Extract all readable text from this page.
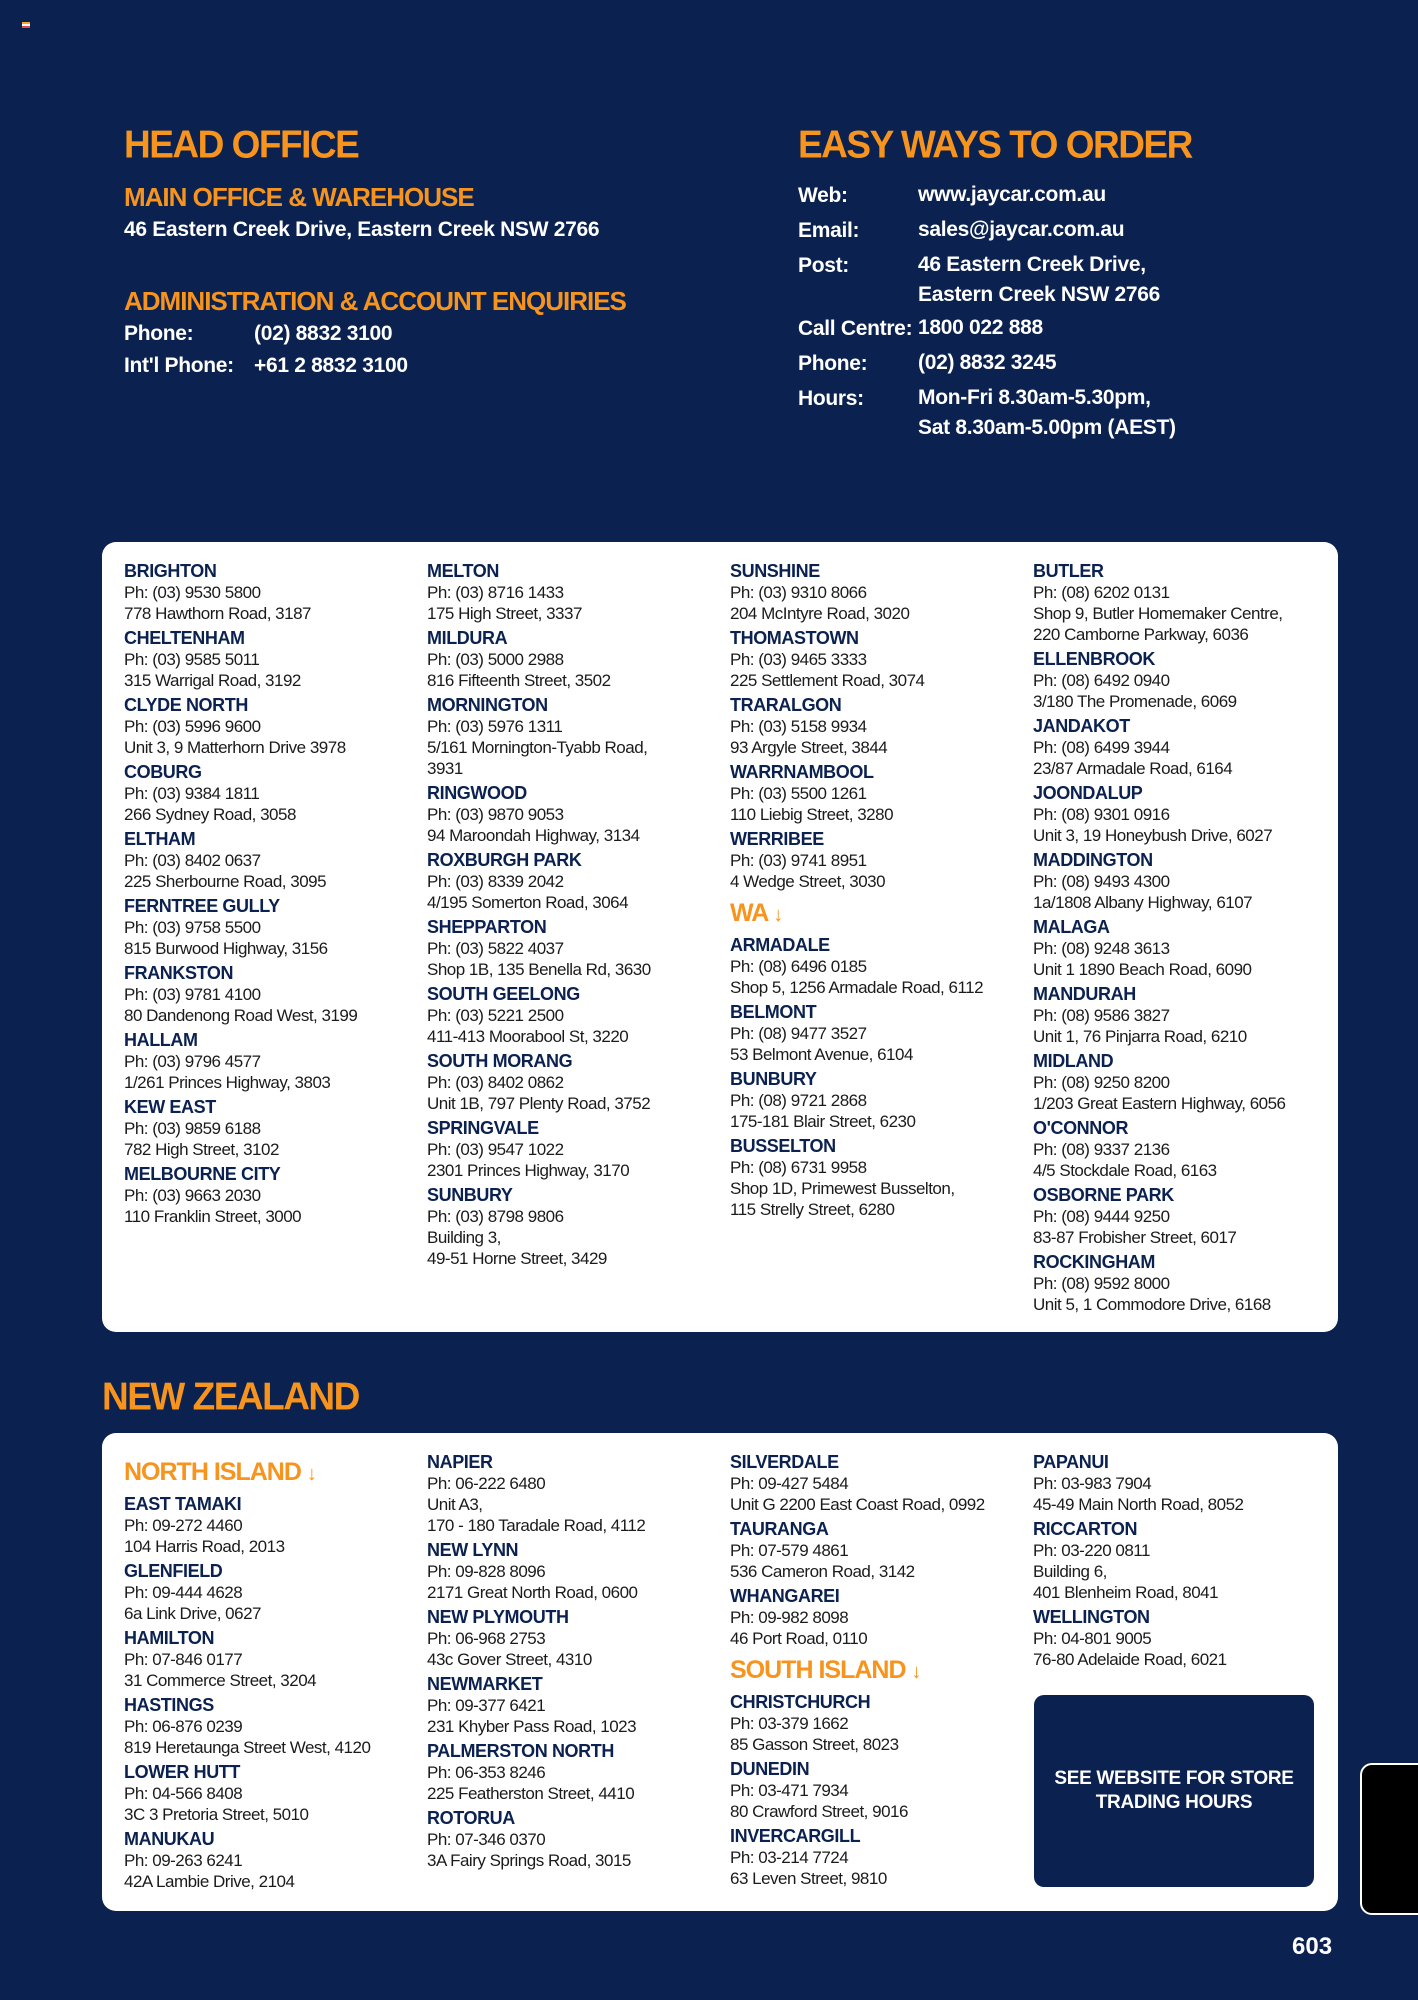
HEAD OFFICE
MAIN OFFICE & WAREHOUSE
46 Eastern Creek Drive, Eastern Creek NSW 2766
ADMINISTRATION & ACCOUNT ENQUIRIES
Phone:	(02) 8832 3100
Int'l Phone: +61 2 8832 3100
EASY WAYS TO ORDER
Web:	www.jaycar.com.au
Email:	sales@jaycar.com.au
Post:	46 Eastern Creek Drive,
Eastern Creek NSW 2766
Call Centre: 1800 022 888
Phone:	(02) 8832 3245
Hours:	Mon-Fri 8.30am-5.30pm,
Sat 8.30am-5.00pm (AEST)
BRIGHTON
Ph: (03) 9530 5800
778 Hawthorn Road, 3187
CHELTENHAM
Ph: (03) 9585 5011
315 Warrigal Road, 3192
CLYDE NORTH
Ph: (03) 5996 9600
Unit 3, 9 Matterhorn Drive 3978
COBURG
Ph: (03) 9384 1811
266 Sydney Road, 3058
ELTHAM
Ph: (03) 8402 0637
225 Sherbourne Road, 3095
FERNTREE GULLY
Ph: (03) 9758 5500
815 Burwood Highway, 3156
FRANKSTON
Ph: (03) 9781 4100
80 Dandenong Road West, 3199
HALLAM
Ph: (03) 9796 4577
1/261 Princes Highway, 3803
KEW EAST
Ph: (03) 9859 6188
782 High Street, 3102
MELBOURNE CITY
Ph: (03) 9663 2030
110 Franklin Street, 3000
MELTON
Ph: (03) 8716 1433
175 High Street, 3337
MILDURA
Ph: (03) 5000 2988
816 Fifteenth Street, 3502
MORNINGTON
Ph: (03) 5976 1311
5/161 Mornington-Tyabb Road,
3931
RINGWOOD
Ph: (03) 9870 9053
94 Maroondah Highway, 3134
ROXBURGH PARK
Ph: (03) 8339 2042
4/195 Somerton Road, 3064
SHEPPARTON
Ph: (03) 5822 4037
Shop 1B, 135 Benella Rd, 3630
SOUTH GEELONG
Ph: (03) 5221 2500
411-413 Moorabool St, 3220
SOUTH MORANG
Ph: (03) 8402 0862
Unit 1B, 797 Plenty Road, 3752
SPRINGVALE
Ph: (03) 9547 1022
2301 Princes Highway, 3170
SUNBURY
Ph: (03) 8798 9806
Building 3,
49-51 Horne Street, 3429
SUNSHINE
Ph: (03) 9310 8066
204 McIntyre Road, 3020
THOMASTOWN
Ph: (03) 9465 3333
225 Settlement Road, 3074
TRARALGON
Ph: (03) 5158 9934
93 Argyle Street, 3844
WARRNAMBOOL
Ph: (03) 5500 1261
110 Liebig Street, 3280
WERRIBEE
Ph: (03) 9741 8951
4 Wedge Street, 3030
WA ↓
ARMADALE
Ph: (08) 6496 0185
Shop 5, 1256 Armadale Road, 6112
BELMONT
Ph: (08) 9477 3527
53 Belmont Avenue, 6104
BUNBURY
Ph: (08) 9721 2868
175-181 Blair Street, 6230
BUSSELTON
Ph: (08) 6731 9958
Shop 1D, Primewest Busselton,
115 Strelly Street, 6280
BUTLER
Ph: (08) 6202 0131
Shop 9, Butler Homemaker Centre,
220 Camborne Parkway, 6036
ELLENBROOK
Ph: (08) 6492 0940
3/180 The Promenade, 6069
JANDAKOT
Ph: (08) 6499 3944
23/87 Armadale Road, 6164
JOONDALUP
Ph: (08) 9301 0916
Unit 3, 19 Honeybush Drive, 6027
MADDINGTON
Ph: (08) 9493 4300
1a/1808 Albany Highway, 6107
MALAGA
Ph: (08) 9248 3613
Unit 1 1890 Beach Road, 6090
MANDURAH
Ph: (08) 9586 3827
Unit 1, 76 Pinjarra Road, 6210
MIDLAND
Ph: (08) 9250 8200
1/203 Great Eastern Highway, 6056
O'CONNOR
Ph: (08) 9337 2136
4/5 Stockdale Road, 6163
OSBORNE PARK
Ph: (08) 9444 9250
83-87 Frobisher Street, 6017
ROCKINGHAM
Ph: (08) 9592 8000
Unit 5, 1 Commodore Drive, 6168
NEW ZEALAND
NORTH ISLAND ↓
EAST TAMAKI
Ph: 09-272 4460
104 Harris Road, 2013
GLENFIELD
Ph: 09-444 4628
6a Link Drive, 0627
HAMILTON
Ph: 07-846 0177
31 Commerce Street, 3204
HASTINGS
Ph: 06-876 0239
819 Heretaunga Street West, 4120
LOWER HUTT
Ph: 04-566 8408
3C 3 Pretoria Street, 5010
MANUKAU
Ph: 09-263 6241
42A Lambie Drive, 2104
NAPIER
Ph: 06-222 6480
Unit A3,
170 - 180 Taradale Road, 4112
NEW LYNN
Ph: 09-828 8096
2171 Great North Road, 0600
NEW PLYMOUTH
Ph: 06-968 2753
43c Gover Street, 4310
NEWMARKET
Ph: 09-377 6421
231 Khyber Pass Road, 1023
PALMERSTON NORTH
Ph: 06-353 8246
225 Featherston Street, 4410
ROTORUA
Ph: 07-346 0370
3A Fairy Springs Road, 3015
SILVERDALE
Ph: 09-427 5484
Unit G 2200 East Coast Road, 0992
TAURANGA
Ph: 07-579 4861
536 Cameron Road, 3142
WHANGAREI
Ph: 09-982 8098
46 Port Road, 0110
SOUTH ISLAND ↓
CHRISTCHURCH
Ph: 03-379 1662
85 Gasson Street, 8023
DUNEDIN
Ph: 03-471 7934
80 Crawford Street, 9016
INVERCARGILL
Ph: 03-214 7724
63 Leven Street, 9810
PAPANUI
Ph: 03-983 7904
45-49 Main North Road, 8052
RICCARTON
Ph: 03-220 0811
Building 6,
401 Blenheim Road, 8041
WELLINGTON
Ph: 04-801 9005
76-80 Adelaide Road, 6021
SEE WEBSITE FOR STORE
TRADING HOURS
603
